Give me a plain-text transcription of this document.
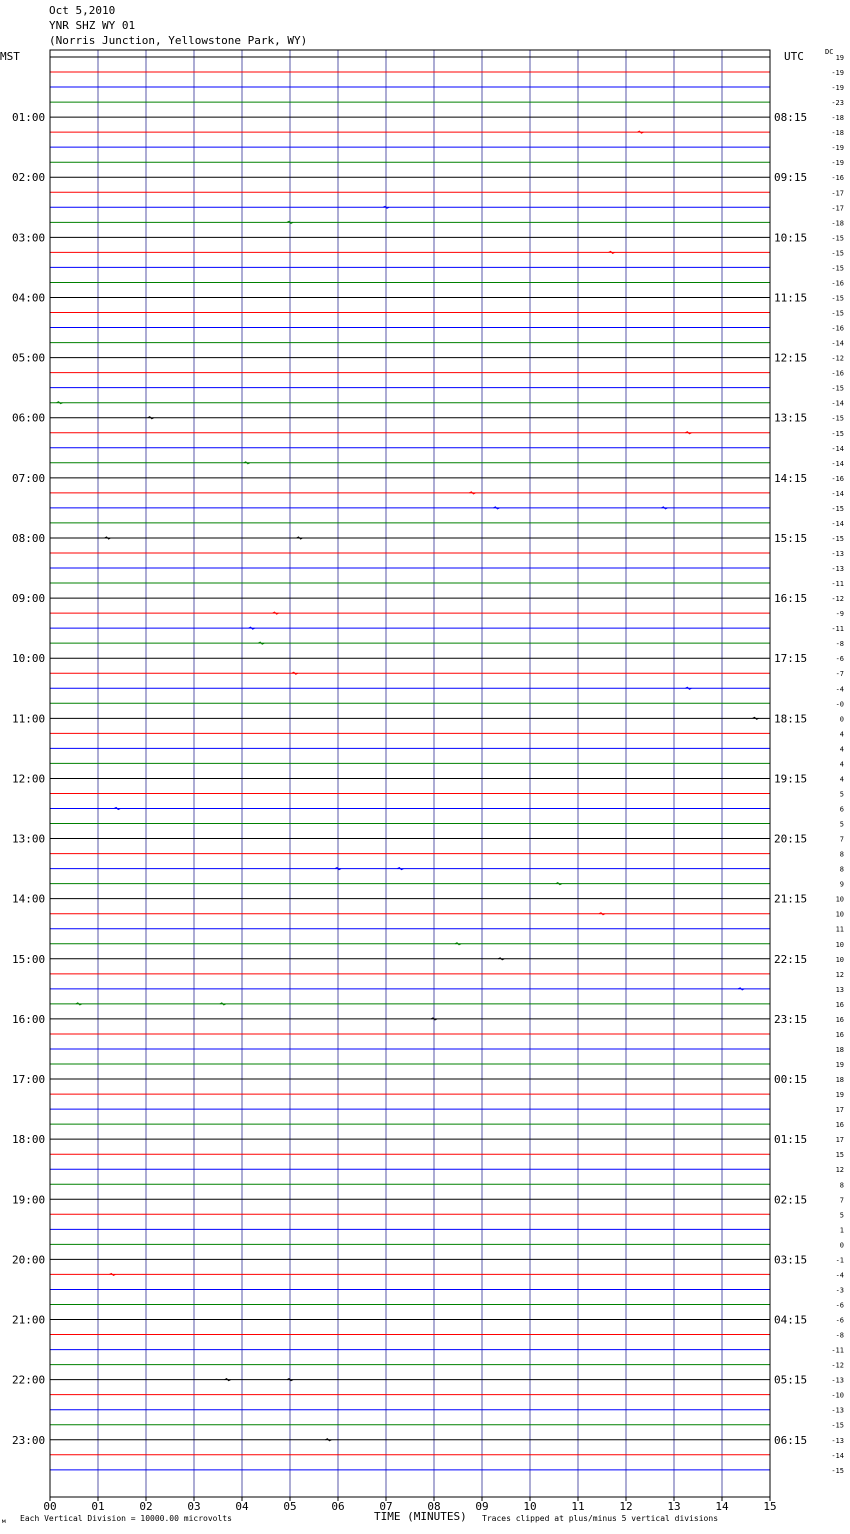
Oct 5,2010
YNR SHZ WY 01
(Norris Junction, Yellowstone Park, WY)
MST	UTC	DC
01:00
02:00
03:00
04:00
05:00
06:00
07:00
08:00
09:00
10:00
11:00
12:00
13:00
14:00
15:00
16:00
17:00
18:00
19:00
20:00
21:00
22:00
23:00
08:15
09:15
10:15
11:15
12:15
13:15
14:15
15:15
16:15
17:15
18:15
19:15
20:15
21:15
22:15
23:15
00:15
01:15
02:15
03:15
04:15
05:15
06:15
19
-19
-19
-23
-18
-18
-19
-19
-16
-17
-17
-18
-15
-15
-15
-16
-15
-15
-16
-14
-12
-16
-15
-14
-15
-15
-14
-14
-16
-14
-15
-14
-15
-13
-13
-11
-12
-9
-11
-8
-6
-7
-4
-0
0
4
4
4
4
5
6
5
7
8
8
9
10
10
11
10
10
12
13
16
16
16
18
19
18
19
17
16
17
15
12
8
7
5
1
0
-1
-4
-3
-6
-6
-8
-11
-12
-13
-10
-13
-15
-13
-14
-15
00	01	02	03	04	05	06	07	08	09	10	11	12	13	14	15
м Each Vertical Division = 10000.00 microvolts	TIME (MINUTES) Traces clipped at plus/minus 5 vertical divisions
